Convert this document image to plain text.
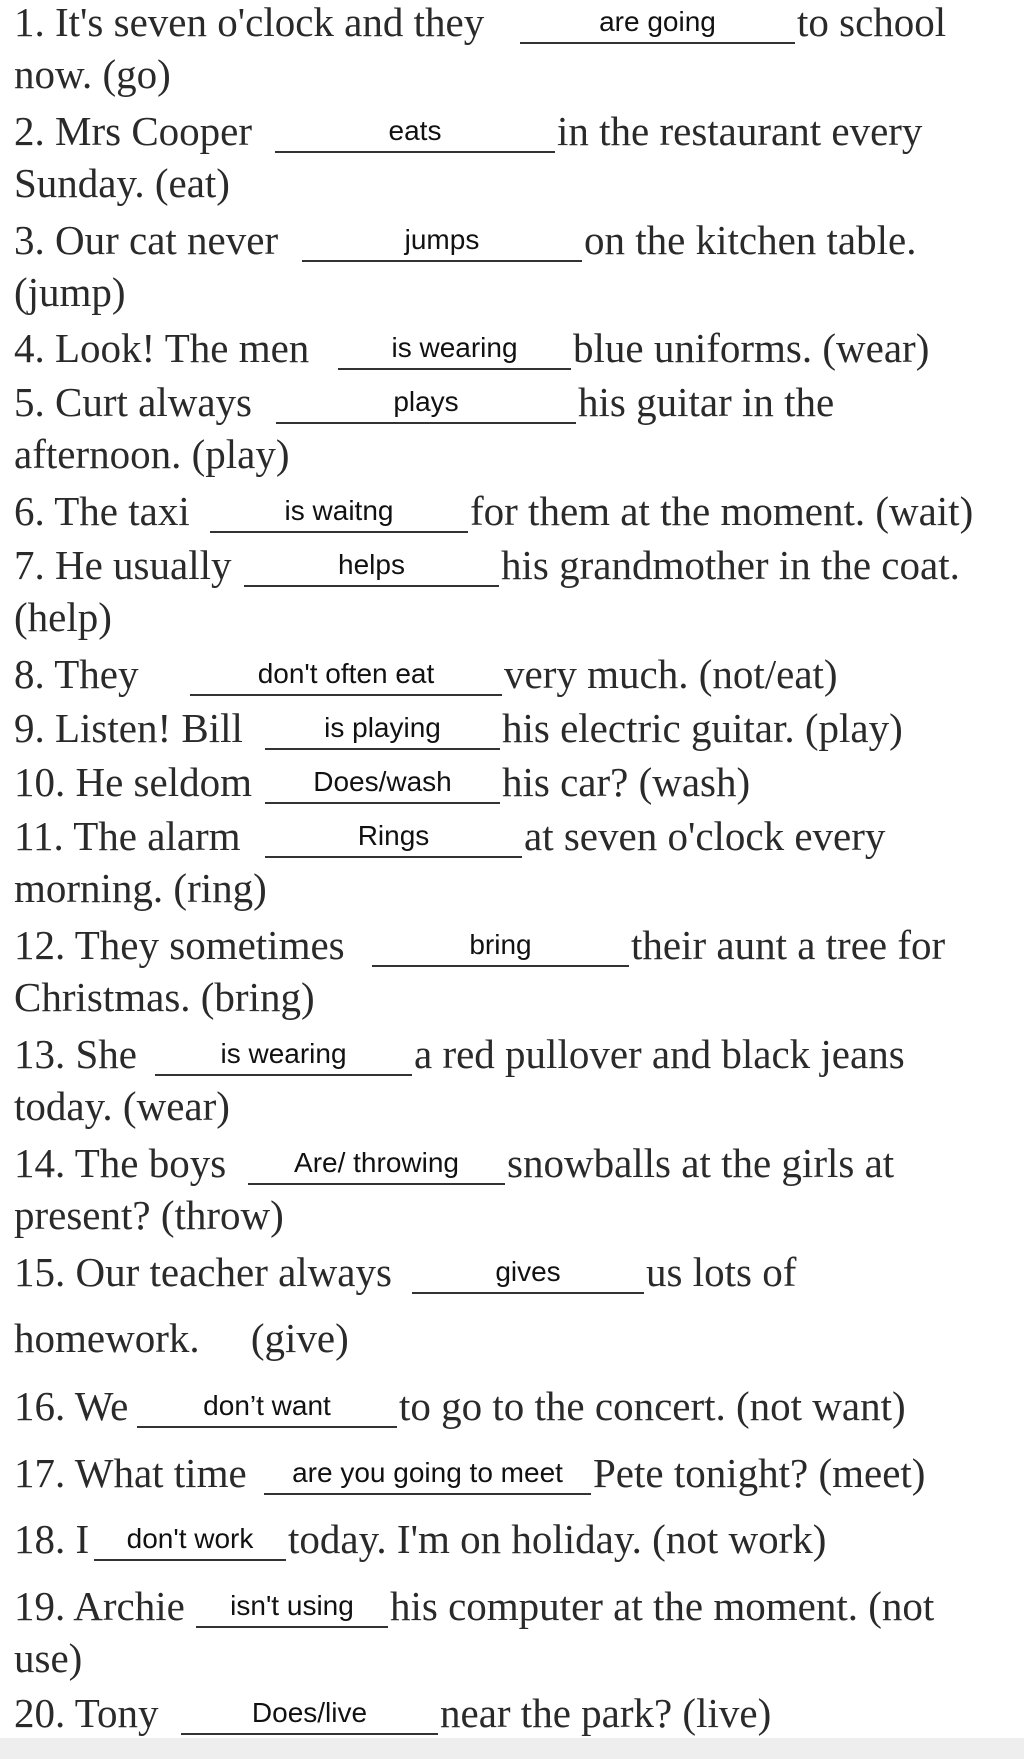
1. It's seven o'clock and they	are going	to school
now. (go)
2. Mrs Cooper	eats	in the restaurant every
Sunday. (eat)
3. Our cat never	jumps	on the kitchen table.
(jump)
4. Look! The men	is wearing	blue uniforms. (wear)
5. Curt always	plays	his guitar in the
afternoon. (play)
6. The taxi	is waitng	for them at the moment. (wait)
7. He usually	helps	his grandmother in the coat.
(help)
8. They	don't often eat	very much. (not/eat)
9. Listen! Bill	is playing	his electric guitar. (play)
10. He seldom	Does/wash	his car? (wash)
11. The alarm	Rings	at seven o'clock every
morning. (ring)
12. They sometimes	bring	their aunt a tree for
Christmas. (bring)
13. She	is wearing	a red pullover and black jeans
today. (wear)
14. The boys	Are/ throwing	snowballs at the girls at
present? (throw)
15. Our teacher always	gives	us lots of
homework.     (give)
16. We	don’t want	to go to the concert. (not want)
17. What time	are you going to meet Pete tonight? (meet)
18. I	don't work today. I'm on holiday. (not work)
19. Archie	isn't using his computer at the moment. (not
use)
20. Tony	Does/live	near the park? (live)
